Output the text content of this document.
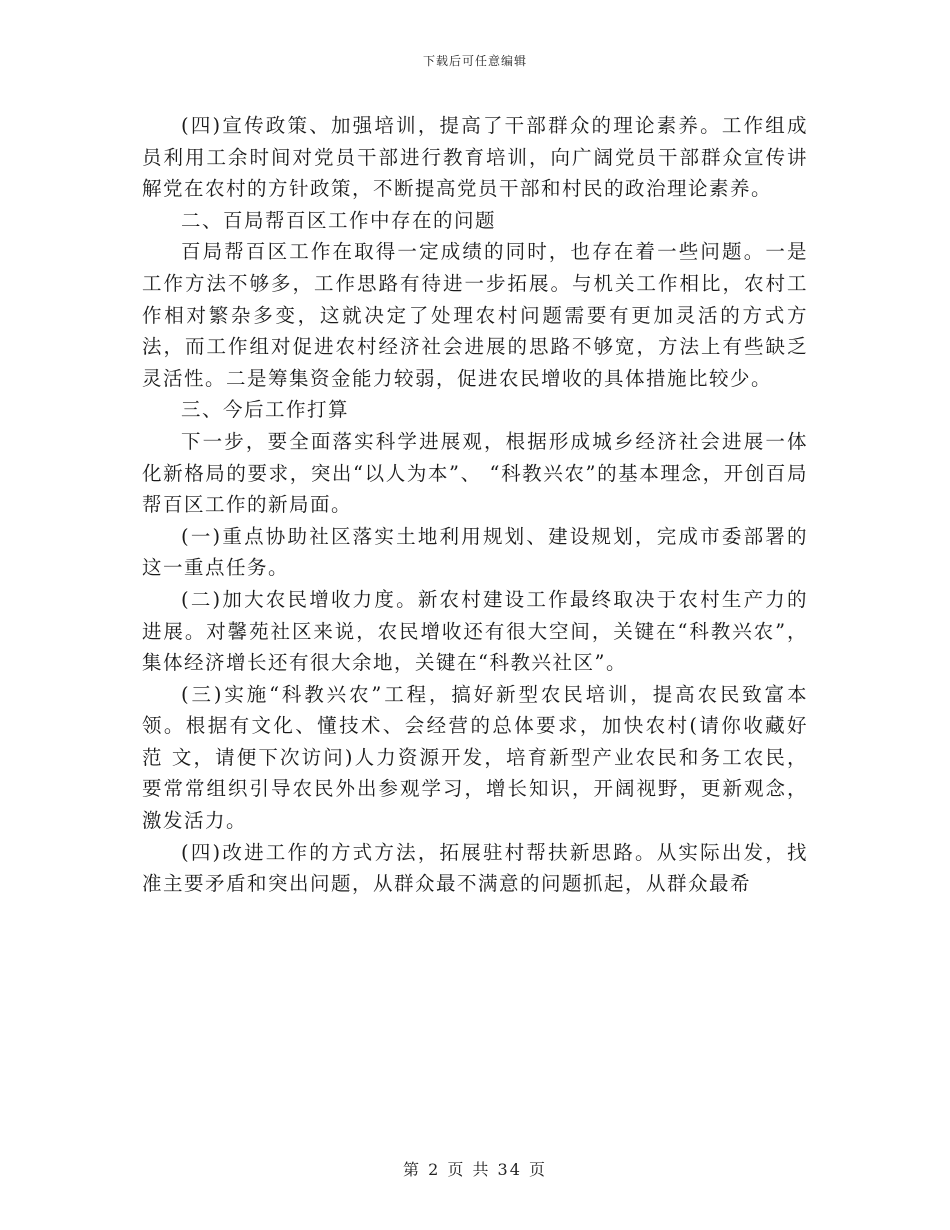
下载后可任意编辑

(四)宣传政策、加强培训，提高了干部群众的理论素养。工作组成员利用工余时间对党员干部进行教育培训，向广阔党员干部群众宣传讲解党在农村的方针政策，不断提高党员干部和村民的政治理论素养。

二、百局帮百区工作中存在的问题

百局帮百区工作在取得一定成绩的同时，也存在着一些问题。一是工作方法不够多，工作思路有待进一步拓展。与机关工作相比，农村工作相对繁杂多变，这就决定了处理农村问题需要有更加灵活的方式方法，而工作组对促进农村经济社会进展的思路不够宽，方法上有些缺乏灵活性。二是筹集资金能力较弱，促进农民增收的具体措施比较少。

三、今后工作打算

下一步，要全面落实科学进展观，根据形成城乡经济社会进展一体化新格局的要求，突出“以人为本”、 “科教兴农”的基本理念，开创百局帮百区工作的新局面。

(一)重点协助社区落实土地利用规划、建设规划，完成市委部署的这一重点任务。

(二)加大农民增收力度。新农村建设工作最终取决于农村生产力的进展。对馨苑社区来说，农民增收还有很大空间，关键在“科教兴农”，集体经济增长还有很大余地，关键在“科教兴社区”。

(三)实施“科教兴农”工程，搞好新型农民培训，提高农民致富本领。根据有文化、懂技术、会经营的总体要求，加快农村(请你收藏好 范 文，请便下次访问)人力资源开发，培育新型产业农民和务工农民，要常常组织引导农民外出参观学习，增长知识，开阔视野，更新观念，激发活力。

(四)改进工作的方式方法，拓展驻村帮扶新思路。从实际出发，找准主要矛盾和突出问题，从群众最不满意的问题抓起，从群众最希

第 2 页 共 34 页
